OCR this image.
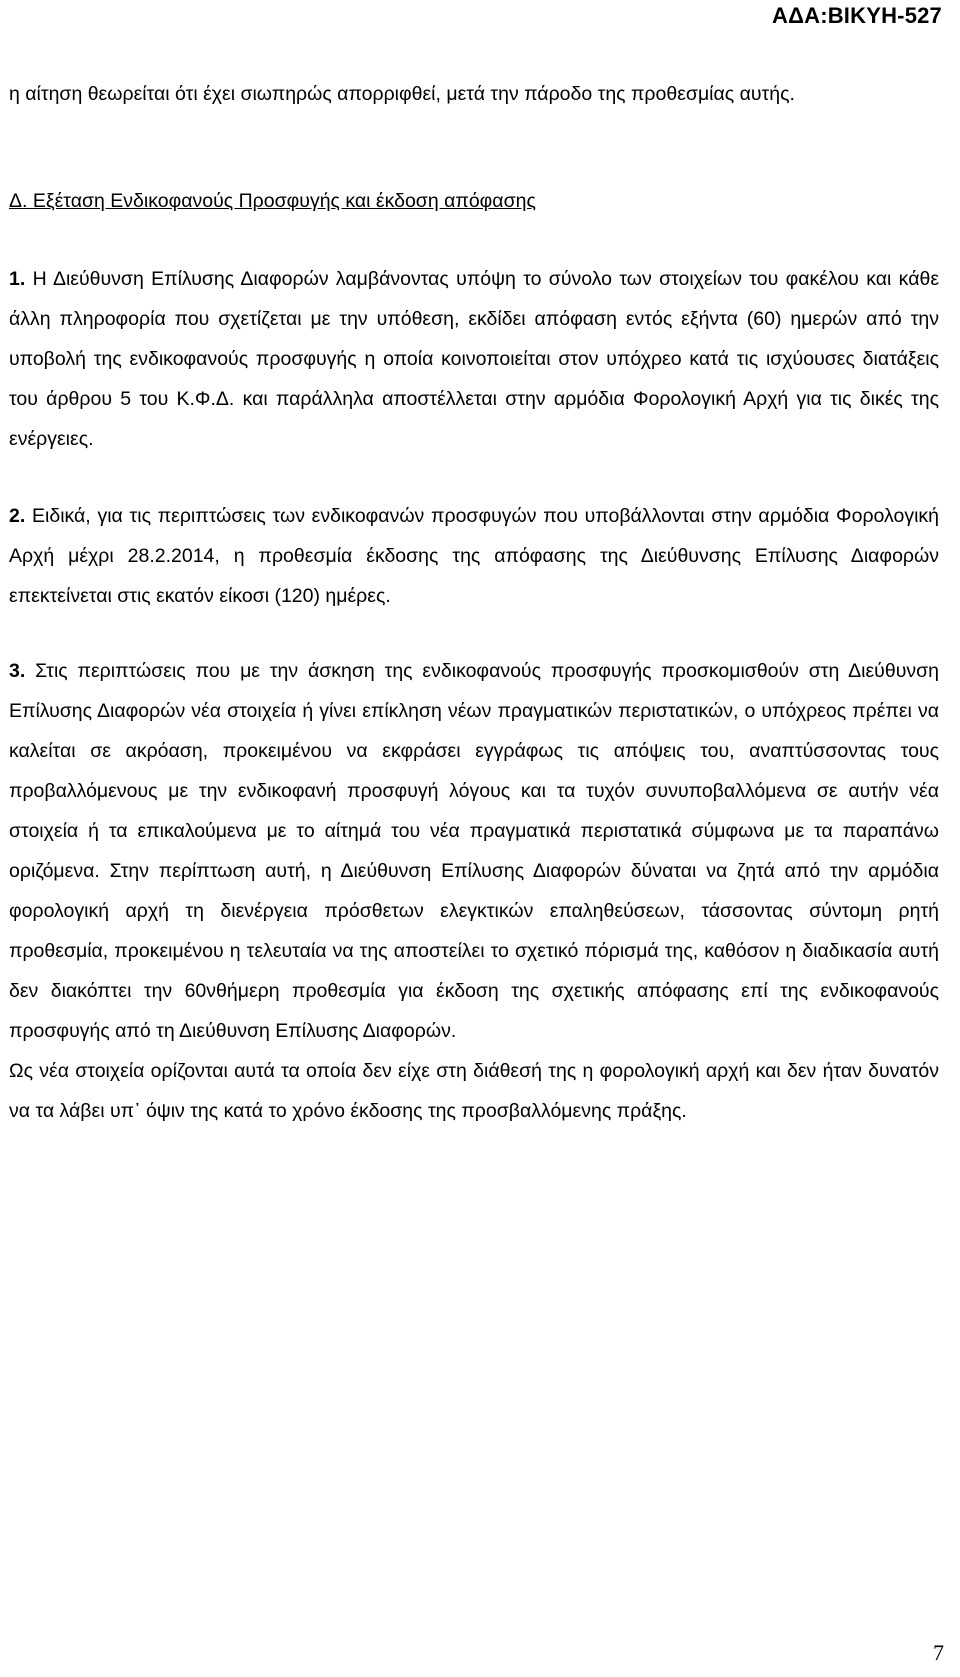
ΑΔΑ:ΒΙΚΥΗ-527

η αίτηση θεωρείται ότι έχει σιωπηρώς απορριφθεί, μετά την πάροδο της προθεσμίας αυτής.

Δ. Εξέταση Ενδικοφανούς Προσφυγής και έκδοση απόφασης

1. Η Διεύθυνση Επίλυσης Διαφορών λαμβάνοντας υπόψη το σύνολο των στοιχείων του φακέλου και κάθε άλλη πληροφορία που σχετίζεται με την υπόθεση, εκδίδει απόφαση εντός εξήντα (60) ημερών από την υποβολή της ενδικοφανούς προσφυγής η οποία κοινοποιείται στον υπόχρεο κατά τις ισχύουσες διατάξεις του άρθρου 5 του Κ.Φ.Δ. και παράλληλα αποστέλλεται στην αρμόδια Φορολογική Αρχή για τις δικές της ενέργειες.

2. Ειδικά, για τις περιπτώσεις των ενδικοφανών προσφυγών που υποβάλλονται στην αρμόδια Φορολογική Αρχή μέχρι 28.2.2014, η προθεσμία έκδοσης της απόφασης της Διεύθυνσης Επίλυσης Διαφορών επεκτείνεται στις εκατόν είκοσι (120) ημέρες.

3. Στις περιπτώσεις που με την άσκηση της ενδικοφανούς προσφυγής προσκομισθούν στη Διεύθυνση Επίλυσης Διαφορών νέα στοιχεία ή γίνει επίκληση νέων πραγματικών περιστατικών, ο υπόχρεος πρέπει να καλείται σε ακρόαση, προκειμένου να εκφράσει εγγράφως τις απόψεις του, αναπτύσσοντας τους προβαλλόμενους με την ενδικοφανή προσφυγή λόγους και τα τυχόν συνυποβαλλόμενα σε αυτήν νέα στοιχεία ή τα επικαλούμενα με το αίτημά του νέα πραγματικά περιστατικά σύμφωνα με τα παραπάνω οριζόμενα. Στην περίπτωση αυτή, η Διεύθυνση Επίλυσης Διαφορών δύναται να ζητά από την αρμόδια φορολογική αρχή τη διενέργεια πρόσθετων ελεγκτικών επαληθεύσεων, τάσσοντας σύντομη ρητή προθεσμία, προκειμένου η τελευταία να της αποστείλει το σχετικό πόρισμά της, καθόσον η διαδικασία αυτή δεν διακόπτει την 60νθήμερη προθεσμία για έκδοση της σχετικής απόφασης επί της ενδικοφανούς προσφυγής από τη Διεύθυνση Επίλυσης Διαφορών.

Ως νέα στοιχεία ορίζονται αυτά τα οποία δεν είχε στη διάθεσή της η φορολογική αρχή και δεν ήταν δυνατόν να τα λάβει υπ᾽ όψιν της κατά το χρόνο έκδοσης της προσβαλλόμενης πράξης.

7
